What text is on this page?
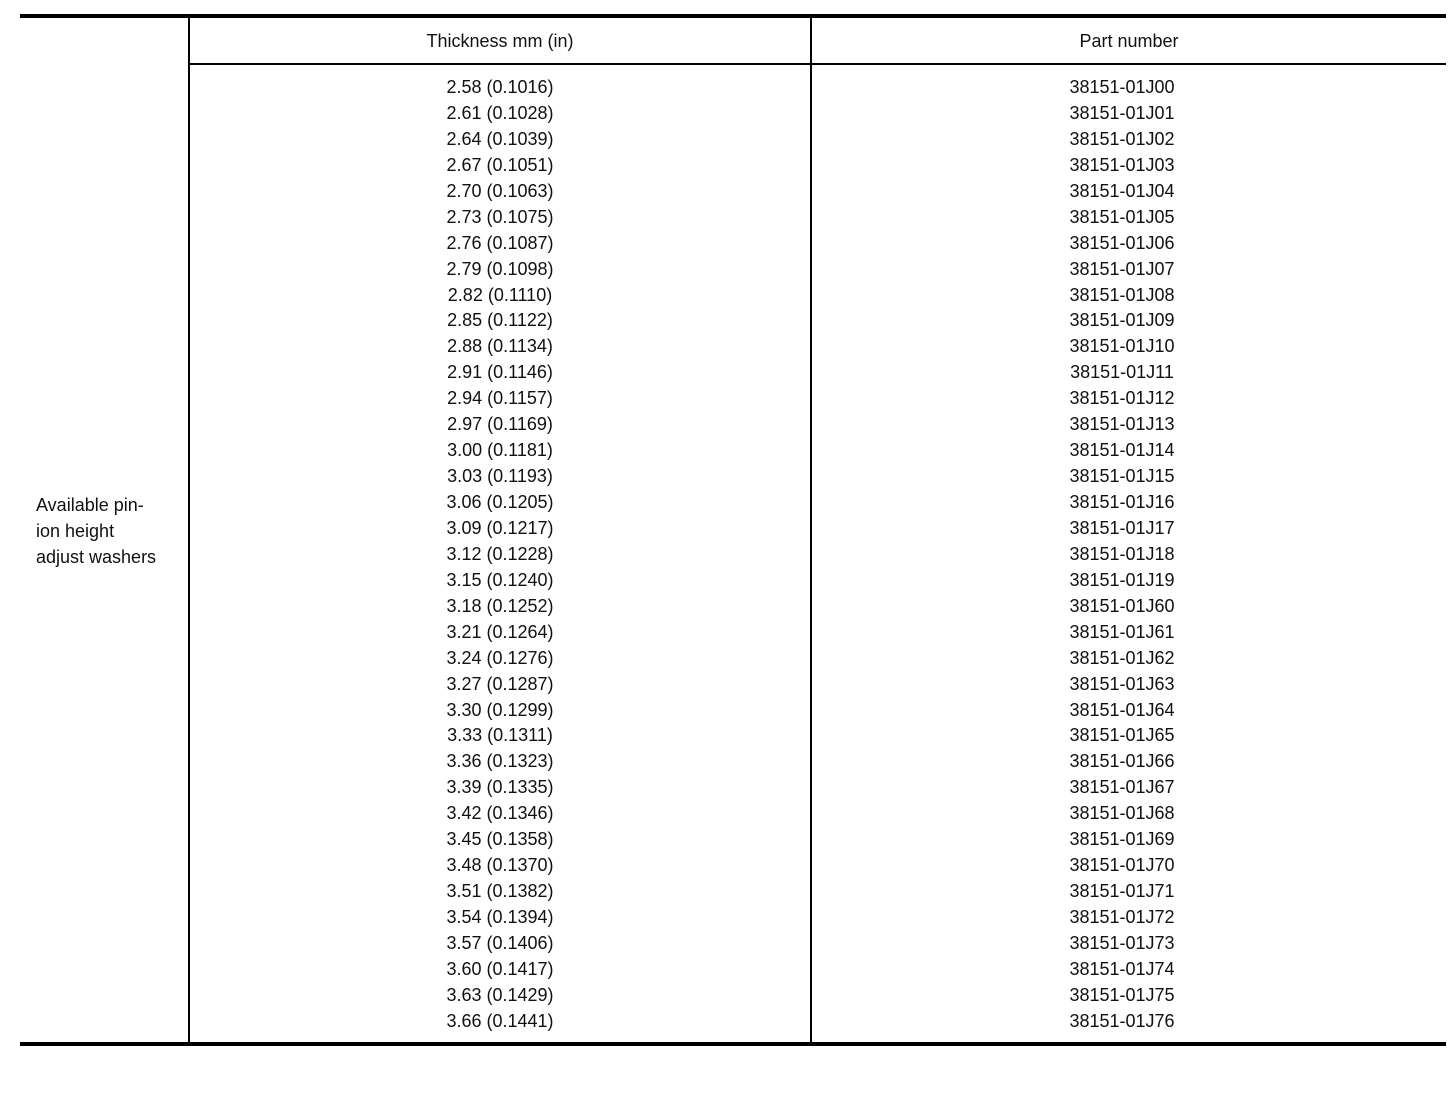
Available pin-
ion height
adjust washers
Thickness mm (in)	Part number
2.58 (0.1016)
2.61 (0.1028)
2.64 (0.1039)
2.67 (0.1051)
2.70 (0.1063)
2.73 (0.1075)
2.76 (0.1087)
2.79 (0.1098)
2.82 (0.1110)
2.85 (0.1122)
2.88 (0.1134)
2.91 (0.1146)
2.94 (0.1157)
2.97 (0.1169)
3.00 (0.1181)
3.03 (0.1193)
3.06 (0.1205)
3.09 (0.1217)
3.12 (0.1228)
3.15 (0.1240)
3.18 (0.1252)
3.21 (0.1264)
3.24 (0.1276)
3.27 (0.1287)
3.30 (0.1299)
3.33 (0.1311)
3.36 (0.1323)
3.39 (0.1335)
3.42 (0.1346)
3.45 (0.1358)
3.48 (0.1370)
3.51 (0.1382)
3.54 (0.1394)
3.57 (0.1406)
3.60 (0.1417)
3.63 (0.1429)
3.66 (0.1441)
38151-01J00
38151-01J01
38151-01J02
38151-01J03
38151-01J04
38151-01J05
38151-01J06
38151-01J07
38151-01J08
38151-01J09
38151-01J10
38151-01J11
38151-01J12
38151-01J13
38151-01J14
38151-01J15
38151-01J16
38151-01J17
38151-01J18
38151-01J19
38151-01J60
38151-01J61
38151-01J62
38151-01J63
38151-01J64
38151-01J65
38151-01J66
38151-01J67
38151-01J68
38151-01J69
38151-01J70
38151-01J71
38151-01J72
38151-01J73
38151-01J74
38151-01J75
38151-01J76
